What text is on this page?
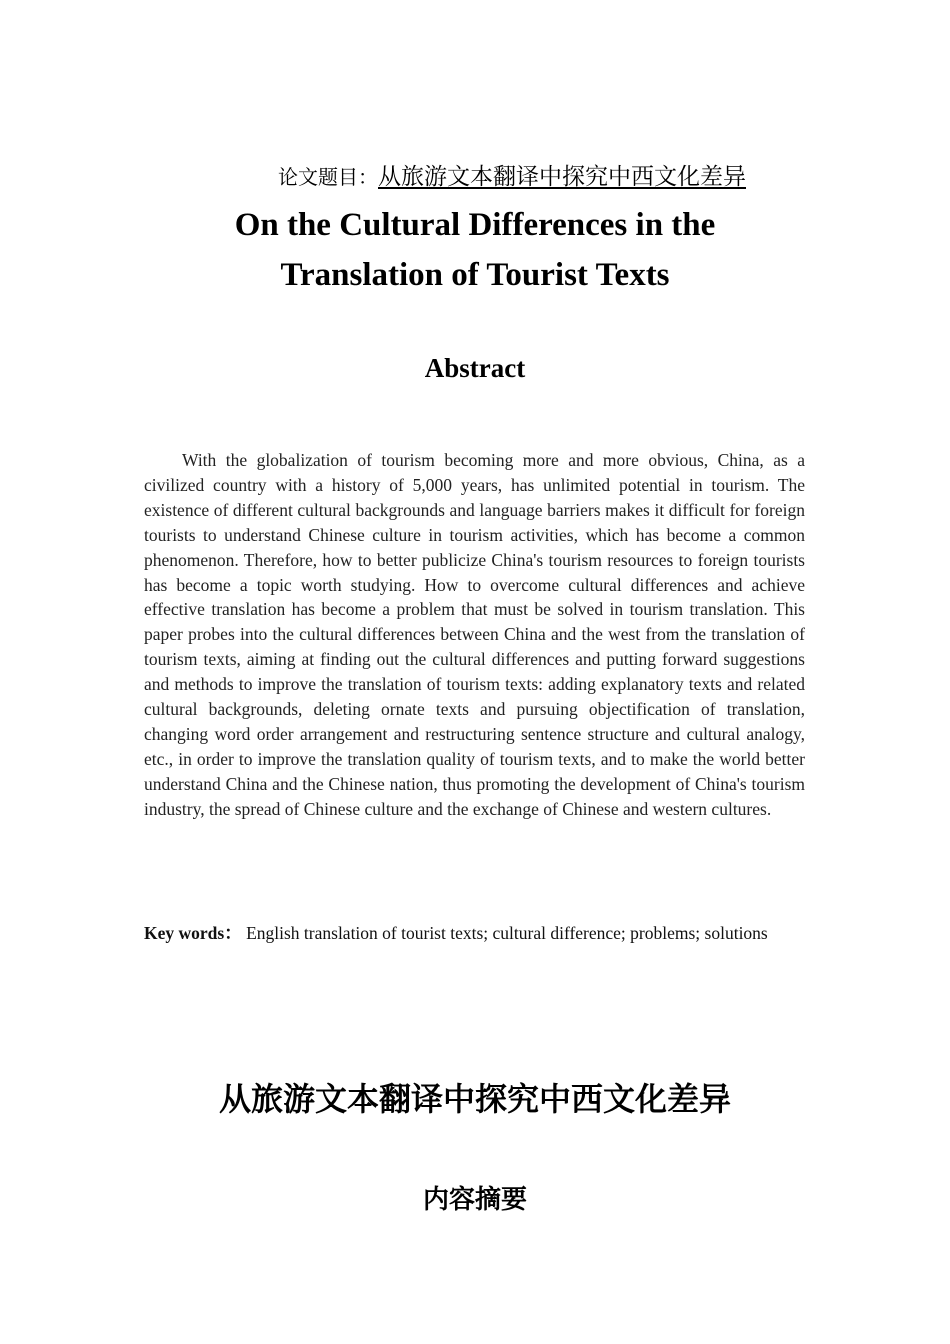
论文题目：从旅游文本翻译中探究中西文化差异
On the Cultural Differences in the
Translation of Tourist Texts
Abstract

With the globalization of tourism becoming more and more obvious, China, as a civilized country with a history of 5,000 years, has unlimited potential in tourism. The existence of different cultural backgrounds and language barriers makes it difficult for foreign tourists to understand Chinese culture in tourism activities, which has become a common phenomenon. Therefore, how to better publicize China's tourism resources to foreign tourists has become a topic worth studying. How to overcome cultural differences and achieve effective translation has become a problem that must be solved in tourism translation. This paper probes into the cultural differences between China and the west from the translation of tourism texts, aiming at finding out the cultural differences and putting forward suggestions and methods to improve the translation of tourism texts: adding explanatory texts and related cultural backgrounds, deleting ornate texts and pursuing objectification of translation, changing word order arrangement and restructuring sentence structure and cultural analogy, etc., in order to improve the translation quality of tourism texts, and to make the world better understand China and the Chinese nation, thus promoting the development of China's tourism industry, the spread of Chinese culture and the exchange of Chinese and western cultures.

Key words： English translation of tourist texts; cultural difference; problems; solutions

从旅游文本翻译中探究中西文化差异
内容摘要
